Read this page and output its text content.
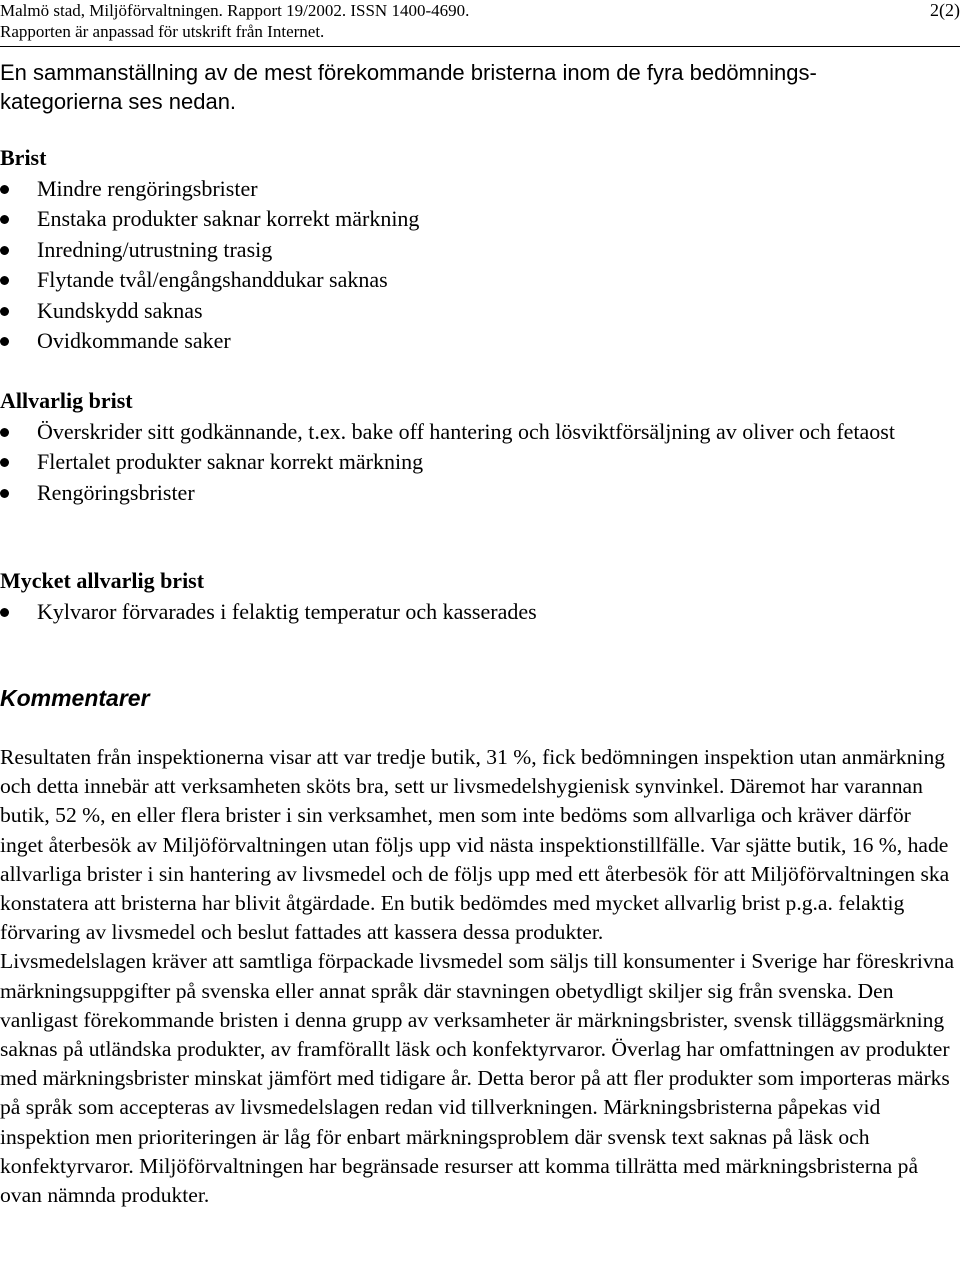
Malmö stad, Miljöförvaltningen. Rapport 19/2002. ISSN 1400-4690.
Rapporten är anpassad för utskrift från Internet.
2(2)
En sammanställning av de mest förekommande bristerna inom de fyra bedömnings-
kategorierna ses nedan.
Brist
Mindre rengöringsbrister
Enstaka produkter saknar korrekt märkning
Inredning/utrustning trasig
Flytande tvål/engångshanddukar saknas
Kundskydd saknas
Ovidkommande saker
Allvarlig brist
Överskrider sitt godkännande, t.ex. bake off hantering och lösviktförsäljning av oliver och fetaost
Flertalet produkter saknar korrekt märkning
Rengöringsbrister
Mycket allvarlig brist
Kylvaror förvarades i felaktig temperatur och kasserades
Kommentarer

Resultaten från inspektionerna visar att var tredje butik, 31 %, fick bedömningen inspektion utan anmärkning och detta innebär att verksamheten sköts bra, sett ur livsmedelshygienisk synvinkel. Däremot har varannan butik, 52 %, en eller flera brister i sin verksamhet, men som inte bedöms som allvarliga och kräver därför inget återbesök av Miljöförvaltningen utan följs upp vid nästa inspektionstillfälle. Var sjätte butik, 16 %, hade allvarliga brister i sin hantering av livsmedel och de följs upp med ett återbesök för att Miljöförvaltningen ska konstatera att bristerna har blivit åtgärdade. En butik bedömdes med mycket allvarlig brist p.g.a. felaktig förvaring av livsmedel och beslut fattades att kassera dessa produkter.

Livsmedelslagen kräver att samtliga förpackade livsmedel som säljs till konsumenter i Sverige har föreskrivna märkningsuppgifter på svenska eller annat språk där stavningen obetydligt skiljer sig från svenska. Den vanligast förekommande bristen i denna grupp av verksamheter är märkningsbrister, svensk tilläggsmärkning saknas på utländska produkter, av framförallt läsk och konfektyrvaror. Överlag har omfattningen av produkter med märkningsbrister minskat jämfört med tidigare år. Detta beror på att fler produkter som importeras märks på språk som accepteras av livsmedelslagen redan vid tillverkningen. Märkningsbristerna påpekas vid inspektion men prioriteringen är låg för enbart märkningsproblem där svensk text saknas på läsk och konfektyrvaror. Miljöförvaltningen har begränsade resurser att komma tillrätta med märkningsbristerna på ovan nämnda produkter.
